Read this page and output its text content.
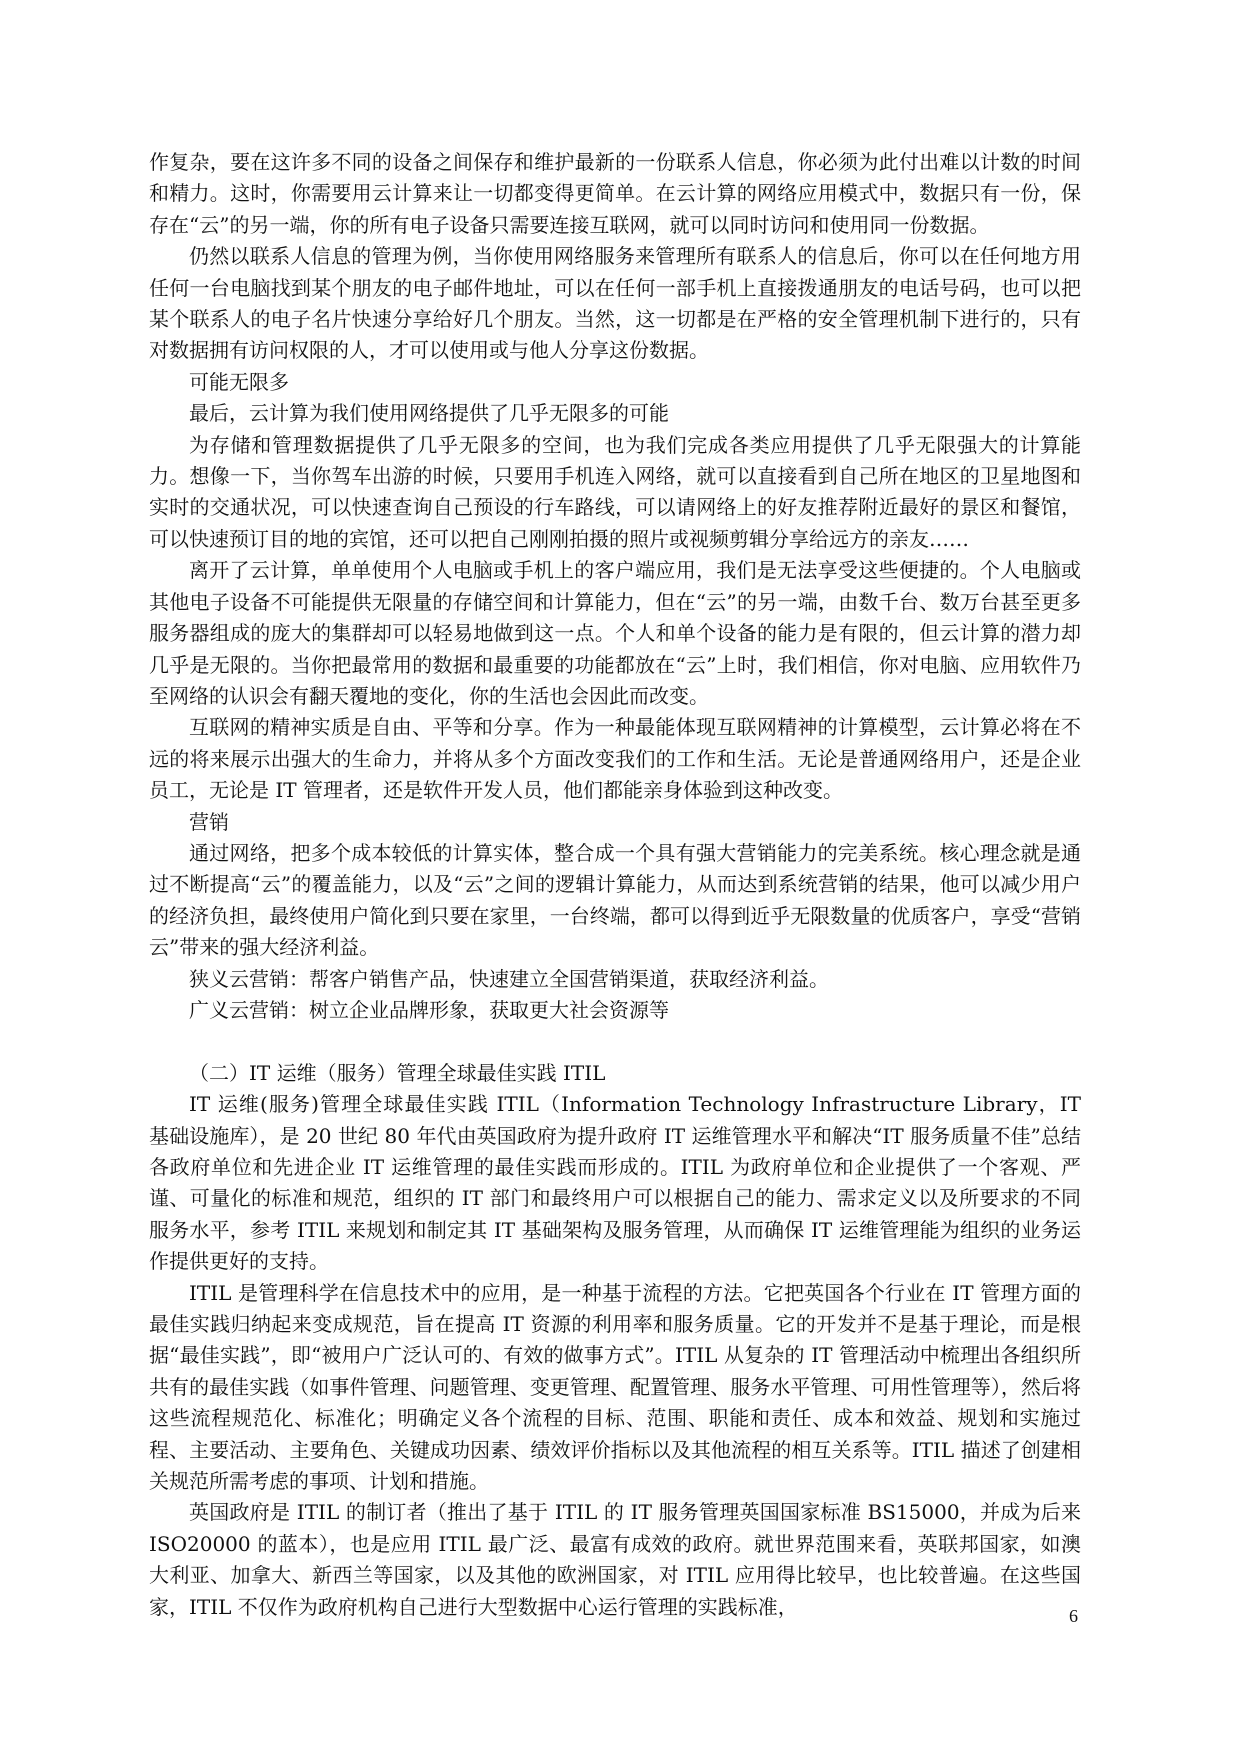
作复杂，要在这许多不同的设备之间保存和维护最新的一份联系人信息，你必须为此付出难以计数的时间和精力。这时，你需要用云计算来让一切都变得更简单。在云计算的网络应用模式中，数据只有一份，保存在“云”的另一端，你的所有电子设备只需要连接互联网，就可以同时访问和使用同一份数据。

仍然以联系人信息的管理为例，当你使用网络服务来管理所有联系人的信息后，你可以在任何地方用任何一台电脑找到某个朋友的电子邮件地址，可以在任何一部手机上直接拨通朋友的电话号码，也可以把某个联系人的电子名片快速分享给好几个朋友。当然，这一切都是在严格的安全管理机制下进行的，只有对数据拥有访问权限的人，才可以使用或与他人分享这份数据。

可能无限多

最后，云计算为我们使用网络提供了几乎无限多的可能

为存储和管理数据提供了几乎无限多的空间，也为我们完成各类应用提供了几乎无限强大的计算能力。想像一下，当你驾车出游的时候，只要用手机连入网络，就可以直接看到自己所在地区的卫星地图和实时的交通状况，可以快速查询自己预设的行车路线，可以请网络上的好友推荐附近最好的景区和餐馆，可以快速预订目的地的宾馆，还可以把自己刚刚拍摄的照片或视频剪辑分享给远方的亲友……

离开了云计算，单单使用个人电脑或手机上的客户端应用，我们是无法享受这些便捷的。个人电脑或其他电子设备不可能提供无限量的存储空间和计算能力，但在“云”的另一端，由数千台、数万台甚至更多服务器组成的庞大的集群却可以轻易地做到这一点。个人和单个设备的能力是有限的，但云计算的潜力却几乎是无限的。当你把最常用的数据和最重要的功能都放在“云”上时，我们相信，你对电脑、应用软件乃至网络的认识会有翻天覆地的变化，你的生活也会因此而改变。

互联网的精神实质是自由、平等和分享。作为一种最能体现互联网精神的计算模型，云计算必将在不远的将来展示出强大的生命力，并将从多个方面改变我们的工作和生活。无论是普通网络用户，还是企业员工，无论是 IT 管理者，还是软件开发人员，他们都能亲身体验到这种改变。

营销

通过网络，把多个成本较低的计算实体，整合成一个具有强大营销能力的完美系统。核心理念就是通过不断提高“云”的覆盖能力，以及“云”之间的逻辑计算能力，从而达到系统营销的结果，他可以减少用户的经济负担，最终使用户简化到只要在家里，一台终端，都可以得到近乎无限数量的优质客户，享受“营销云”带来的强大经济利益。

狭义云营销：帮客户销售产品，快速建立全国营销渠道，获取经济利益。

广义云营销：树立企业品牌形象，获取更大社会资源等

（二）IT 运维（服务）管理全球最佳实践 ITIL

IT 运维(服务)管理全球最佳实践 ITIL（Information Technology Infrastructure Library，IT 基础设施库），是 20 世纪 80 年代由英国政府为提升政府 IT 运维管理水平和解决“IT 服务质量不佳”总结各政府单位和先进企业 IT 运维管理的最佳实践而形成的。ITIL 为政府单位和企业提供了一个客观、严谨、可量化的标准和规范，组织的 IT 部门和最终用户可以根据自己的能力、需求定义以及所要求的不同服务水平，参考 ITIL 来规划和制定其 IT 基础架构及服务管理，从而确保 IT 运维管理能为组织的业务运作提供更好的支持。

ITIL 是管理科学在信息技术中的应用，是一种基于流程的方法。它把英国各个行业在 IT 管理方面的最佳实践归纳起来变成规范，旨在提高 IT 资源的利用率和服务质量。它的开发并不是基于理论，而是根据“最佳实践”，即“被用户广泛认可的、有效的做事方式”。ITIL 从复杂的 IT 管理活动中梳理出各组织所共有的最佳实践（如事件管理、问题管理、变更管理、配置管理、服务水平管理、可用性管理等），然后将这些流程规范化、标准化；明确定义各个流程的目标、范围、职能和责任、成本和效益、规划和实施过程、主要活动、主要角色、关键成功因素、绩效评价指标以及其他流程的相互关系等。ITIL 描述了创建相关规范所需考虑的事项、计划和措施。

英国政府是 ITIL 的制订者（推出了基于 ITIL 的 IT 服务管理英国国家标准 BS15000，并成为后来 ISO20000 的蓝本），也是应用 ITIL 最广泛、最富有成效的政府。就世界范围来看，英联邦国家，如澳大利亚、加拿大、新西兰等国家，以及其他的欧洲国家，对 ITIL 应用得比较早，也比较普遍。在这些国家，ITIL 不仅作为政府机构自己进行大型数据中心运行管理的实践标准，	6
